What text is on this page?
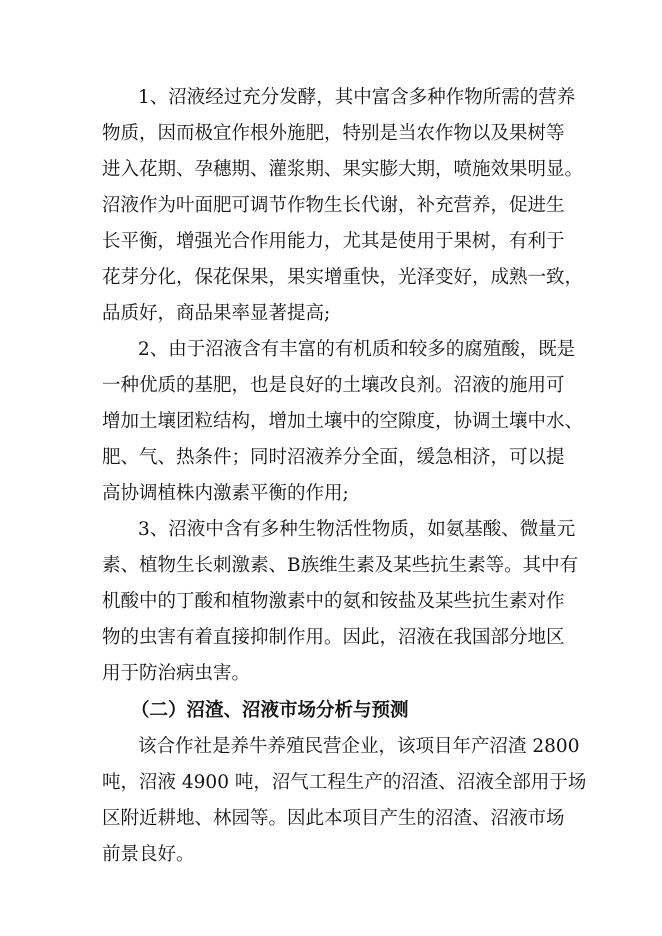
1、沼液经过充分发酵，其中富含多种作物所需的营养
物质，因而极宜作根外施肥，特别是当农作物以及果树等
进入花期、孕穗期、灌浆期、果实膨大期，喷施效果明显。
沼液作为叶面肥可调节作物生长代谢，补充营养，促进生
长平衡，增强光合作用能力，尤其是使用于果树，有利于
花芽分化，保花保果，果实增重快，光泽变好，成熟一致，
品质好，商品果率显著提高;
2、由于沼液含有丰富的有机质和较多的腐殖酸，既是
一种优质的基肥，也是良好的土壤改良剂。沼液的施用可
增加土壤团粒结构，增加土壤中的空隙度，协调土壤中水、
肥、气、热条件；同时沼液养分全面，缓急相济，可以提
高协调植株内激素平衡的作用;
3、沼液中含有多种生物活性物质，如氨基酸、微量元
素、植物生长刺激素、B族维生素及某些抗生素等。其中有
机酸中的丁酸和植物激素中的氨和铵盐及某些抗生素对作
物的虫害有着直接抑制作用。因此，沼液在我国部分地区
用于防治病虫害。
（二）沼渣、沼液市场分析与预测
该合作社是养牛养殖民营企业，该项目年产沼渣 2800
吨，沼液 4900 吨，沼气工程生产的沼渣、沼液全部用于场
区附近耕地、林园等。因此本项目产生的沼渣、沼液市场
前景良好。
